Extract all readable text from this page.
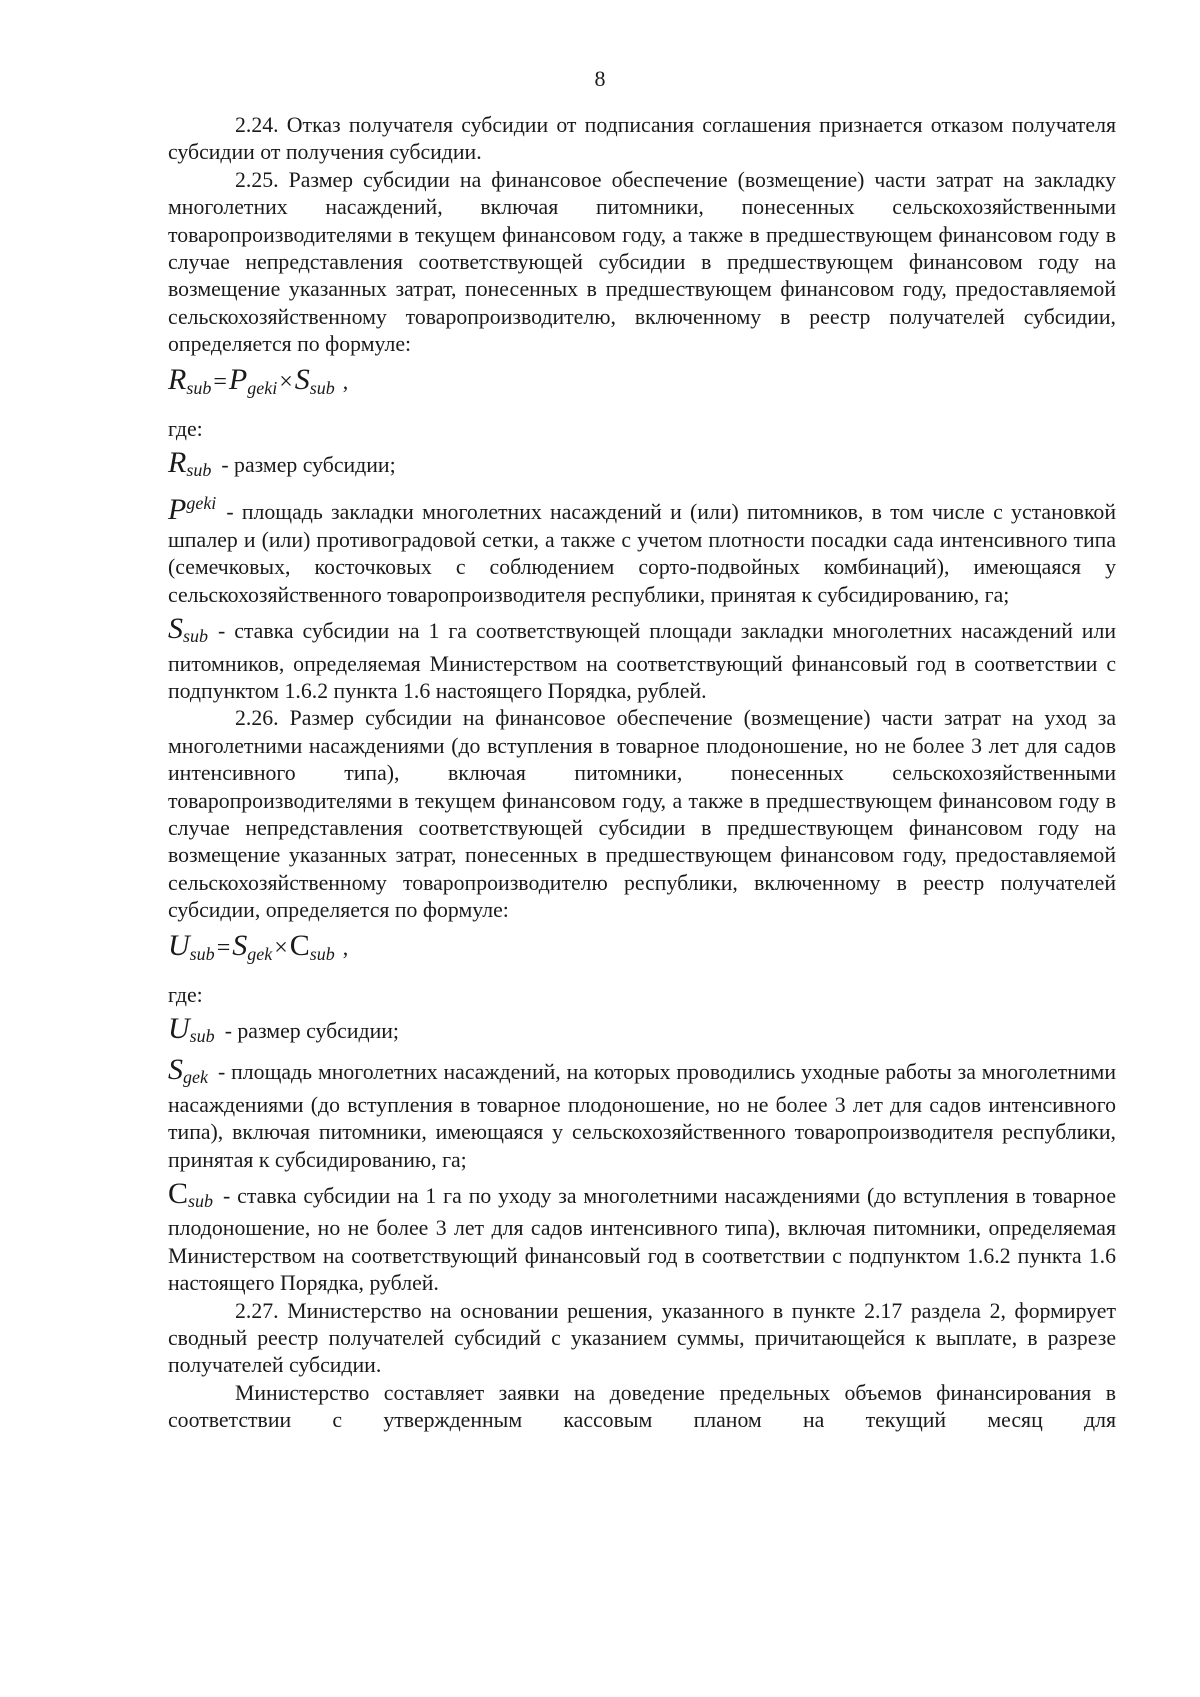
8

2.24. Отказ получателя субсидии от подписания соглашения признается отказом получателя субсидии от получения субсидии.

2.25. Размер субсидии на финансовое обеспечение (возмещение) части затрат на закладку многолетних насаждений, включая питомники, понесенных сельскохозяйственными товаропроизводителями в текущем финансовом году, а также в предшествующем финансовом году в случае непредставления соответствующей субсидии в предшествующем финансовом году на возмещение указанных затрат, понесенных в предшествующем финансовом году, предоставляемой сельскохозяйственному товаропроизводителю, включенному в реестр получателей субсидии, определяется по формуле:

$R_{sub}=P_{geki}\times S_{sub}$ ,

где:

$R_{sub}$ - размер субсидии;

$P^{geki}$ - площадь закладки многолетних насаждений и (или) питомников, в том числе с установкой шпалер и (или) противоградовой сетки, а также с учетом плотности посадки сада интенсивного типа (семечковых, косточковых с соблюдением сорто-подвойных комбинаций), имеющаяся у сельскохозяйственного товаропроизводителя республики, принятая к субсидированию, га;

$S_{sub}$ - ставка субсидии на 1 га соответствующей площади закладки многолетних насаждений или питомников, определяемая Министерством на соответствующий финансовый год в соответствии с подпунктом 1.6.2 пункта 1.6 настоящего Порядка, рублей.

2.26. Размер субсидии на финансовое обеспечение (возмещение) части затрат на уход за многолетними насаждениями (до вступления в товарное плодоношение, но не более 3 лет для садов интенсивного типа), включая питомники, понесенных сельскохозяйственными товаропроизводителями в текущем финансовом году, а также в предшествующем финансовом году в случае непредставления соответствующей субсидии в предшествующем финансовом году на возмещение указанных затрат, понесенных в предшествующем финансовом году, предоставляемой сельскохозяйственному товаропроизводителю республики, включенному в реестр получателей субсидии, определяется по формуле:

$U_{sub}=S_{gek}\times C_{sub}$ ,

где:

$U_{sub}$ - размер субсидии;

$S_{gek}$ - площадь многолетних насаждений, на которых проводились уходные работы за многолетними насаждениями (до вступления в товарное плодоношение, но не более 3 лет для садов интенсивного типа), включая питомники, имеющаяся у сельскохозяйственного товаропроизводителя республики, принятая к субсидированию, га;

$C_{sub}$ - ставка субсидии на 1 га по уходу за многолетними насаждениями (до вступления в товарное плодоношение, но не более 3 лет для садов интенсивного типа), включая питомники, определяемая Министерством на соответствующий финансовый год в соответствии с подпунктом 1.6.2 пункта 1.6 настоящего Порядка, рублей.

2.27. Министерство на основании решения, указанного в пункте 2.17 раздела 2, формирует сводный реестр получателей субсидий с указанием суммы, причитающейся к выплате, в разрезе получателей субсидии.

Министерство составляет заявки на доведение предельных объемов финансирования в соответствии с утвержденным кассовым планом на текущий месяц для
